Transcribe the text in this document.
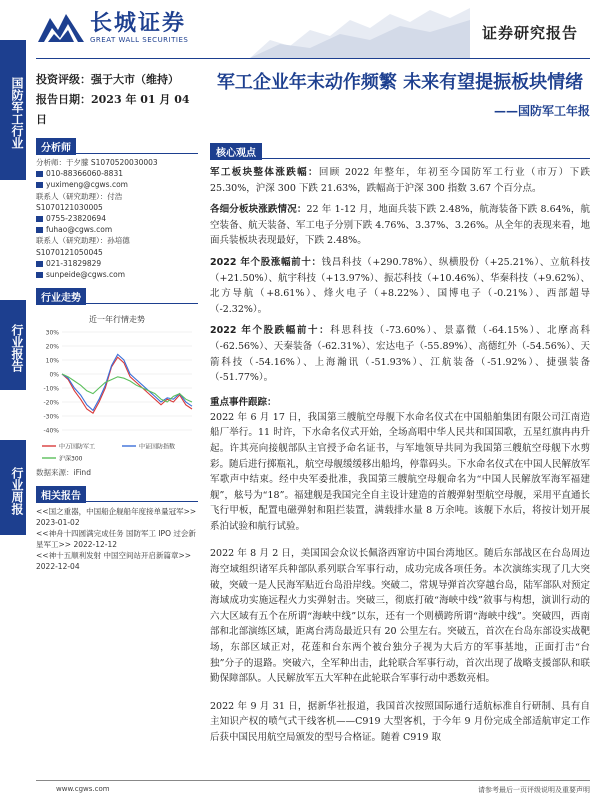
长城证券
GREAT WALL SECURITIES	证券研究报告
国防军工行业
行业报告
行业周报
投资评级：强于大市（维持）
报告日期：2023 年 01 月 04 日
分析师
分析师：于夕朦 S1070520030003
010-88366060-8831
yuximeng@cgws.com
联系人（研究助理）：付浩
S1070121030005
0755-23820694
fuhao@cgws.com
联系人（研究助理）：孙培德
S1070121050045
021-31829829
sunpeide@cgws.com
行业走势
近一年行情走势
30%
20%
10%
0%
-10%
-20%
-30%
-40%
中万国防军工	中证国防指数
沪深300
数据来源：iFind
相关报告
<<国之重器，中国船企舰船年度接单量冠军>> 2023-01-02
<<神舟十四圆满完成任务 国防军工 IPO 过会新星军工>> 2022-12-12
<<神十五顺利发射 中国空间站开启新篇章>> 2022-12-04
军工企业年末动作频繁 未来有望提振板块情绪
——国防军工年报
核心观点
军工板块整体涨跌幅：回顾 2022 年整年，年初至今国防军工行业（市万）下跌 25.30%，沪深 300 下跌 21.63%，跌幅高于沪深 300 指数 3.67 个百分点。
各细分板块涨跌情况：22 年 1-12 月，地面兵装下跌 2.48%，航海装备下跌 8.64%，航空装备、航天装备、军工电子分别下跌 4.76%、3.37%、3.26%。从全年的表现来看，地面兵装板块表现最好，下跌 2.48%。
2022 年个股涨幅前十：钱昌科技（+290.78%）、纵横股份（+25.21%）、立航科技（+21.50%）、航宇科技（+13.97%）、振芯科技（+10.46%）、华秦科技（+9.62%）、北方导航（+8.61%）、烽火电子（+8.22%）、国博电子（-0.21%）、西部超导（-2.32%）。
2022 年个股跌幅前十：科思科技（-73.60%）、景嘉微（-64.15%）、北摩高科（-62.56%）、天秦装备（-62.31%）、宏达电子（-55.89%）、高德红外（-54.56%）、天箭科技（-54.16%）、上海瀚讯（-51.93%）、江航装备（-51.92%）、捷强装备（-51.77%）。
重点事件跟踪：
2022 年 6 月 17 日，我国第三艘航空母舰下水命名仪式在中国船舶集团有限公司江南造船厂举行。11 时许，下水命名仪式开始，全场高唱中华人民共和国国歌，五星红旗冉冉升起。许其亮向接舰部队主官授予命名证书，与军地领导共同为我国第三艘航空母舰下水剪彩。随后进行掷瓶礼，航空母舰缓缓移出船坞，停靠码头。下水命名仪式在中国人民解放军军歌声中结束。经中央军委批准，我国第三艘航空母舰命名为“中国人民解放军海军福建舰”，舷号为“18”。福建舰是我国完全自主设计建造的首艘弹射型航空母舰，采用平直通长飞行甲板，配置电磁弹射和阻拦装置，满载排水量 8 万余吨。该舰下水后，将按计划开展系泊试验和航行试验。
2022 年 8 月 2 日，美国国会众议长佩洛西窜访中国台湾地区。随后东部战区在台岛周边海空域组织诸军兵种部队系列联合军事行动，成功完成各项任务。本次演练实现了几大突破，突破一是人民海军贴近台岛沿岸线。突破二，常规导弹首次穿越台岛，陆军部队对预定海域成功实施远程火力实弹射击。突破三，彻底打破“海峡中线”敘事与构想，演训行动的六大区域有五个在所谓“海峡中线”以东，还有一个则横跨所谓“海峡中线”。突破四，西南部和北部演练区域，距离台湾岛最近只有 20 公里左右。突破五，首次在台岛东部设实战靶场，东部区域正对，花莲和台东两个被台独分子视为大后方的军事基地，正面打击“台独”分子的退路。突破六，全军种出击，此轮联合军事行动，首次出现了战略支援部队和联勤保障部队。人民解放军五大军种在此轮联合军事行动中悉数亮相。
2022 年 9 月 31 日，据新华社报道，我国首次按照国际通行适航标准自行研制、具有自主知识产权的喷气式干线客机——C919 大型客机，于今年 9 月份完成全部适航审定工作后获中国民用航空局颁发的型号合格证。随着 C919 取
www.cgws.com	请参考最后一页评级说明及重要声明
